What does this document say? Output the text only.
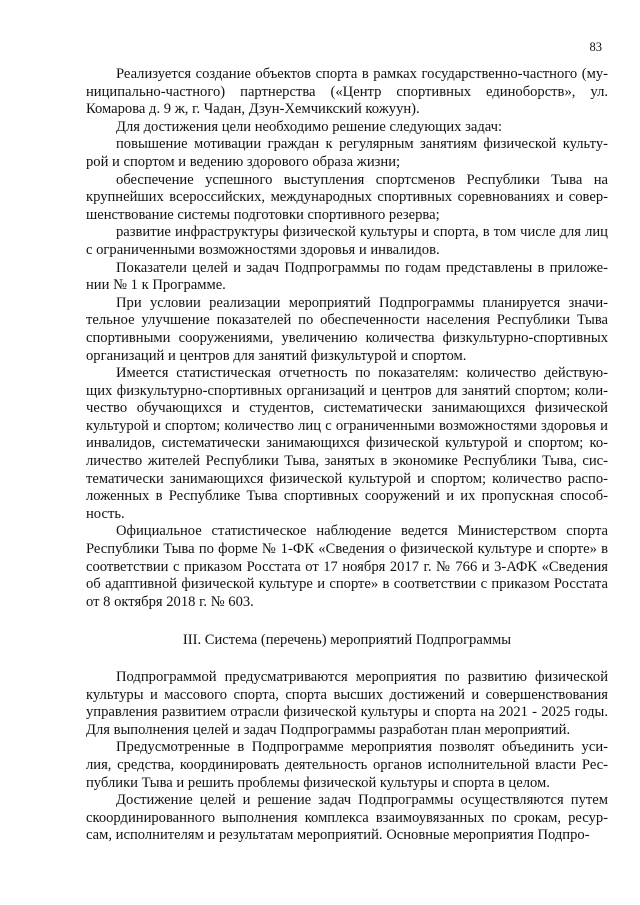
83

Реализуется создание объектов спорта в рамках государственно-частного (му-ниципально-частного) партнерства («Центр спортивных единоборств», ул. Комарова д. 9 ж, г. Чадан, Дзун-Хемчикский кожуун).

Для достижения цели необходимо решение следующих задач:

повышение мотивации граждан к регулярным занятиям физической культу-рой и спортом и ведению здорового образа жизни;

обеспечение успешного выступления спортсменов Республики Тыва на крупнейших всероссийских, международных спортивных соревнованиях и совер-шенствование системы подготовки спортивного резерва;

развитие инфраструктуры физической культуры и спорта, в том числе для лиц с ограниченными возможностями здоровья и инвалидов.

Показатели целей и задач Подпрограммы по годам представлены в приложе-нии № 1 к Программе.

При условии реализации мероприятий Подпрограммы планируется значи-тельное улучшение показателей по обеспеченности населения Республики Тыва спортивными сооружениями, увеличению количества физкультурно-спортивных организаций и центров для занятий физкультурой и спортом.

Имеется статистическая отчетность по показателям: количество действую-щих физкультурно-спортивных организаций и центров для занятий спортом; коли-чество обучающихся и студентов, систематически занимающихся физической культурой и спортом; количество лиц с ограниченными возможностями здоровья и инвалидов, систематически занимающихся физической культурой и спортом; ко-личество жителей Республики Тыва, занятых в экономике Республики Тыва, сис-тематически занимающихся физической культурой и спортом; количество распо-ложенных в Республике Тыва спортивных сооружений и их пропускная способ-ность.

Официальное статистическое наблюдение ведется Министерством спорта Республики Тыва по форме № 1-ФК «Сведения о физической культуре и спорте» в соответствии с приказом Росстата от 17 ноября 2017 г. № 766 и 3-АФК «Сведения об адаптивной физической культуре и спорте» в соответствии с приказом Росстата от 8 октября 2018 г. № 603.

III. Система (перечень) мероприятий Подпрограммы

Подпрограммой предусматриваются мероприятия по развитию физической культуры и массового спорта, спорта высших достижений и совершенствования управления развитием отрасли физической культуры и спорта на 2021 - 2025 годы. Для выполнения целей и задач Подпрограммы разработан план мероприятий.

Предусмотренные в Подпрограмме мероприятия позволят объединить уси-лия, средства, координировать деятельность органов исполнительной власти Рес-публики Тыва и решить проблемы физической культуры и спорта в целом.

Достижение целей и решение задач Подпрограммы осуществляются путем скоординированного выполнения комплекса взаимоувязанных по срокам, ресур-сам, исполнителям и результатам мероприятий. Основные мероприятия Подпро-
